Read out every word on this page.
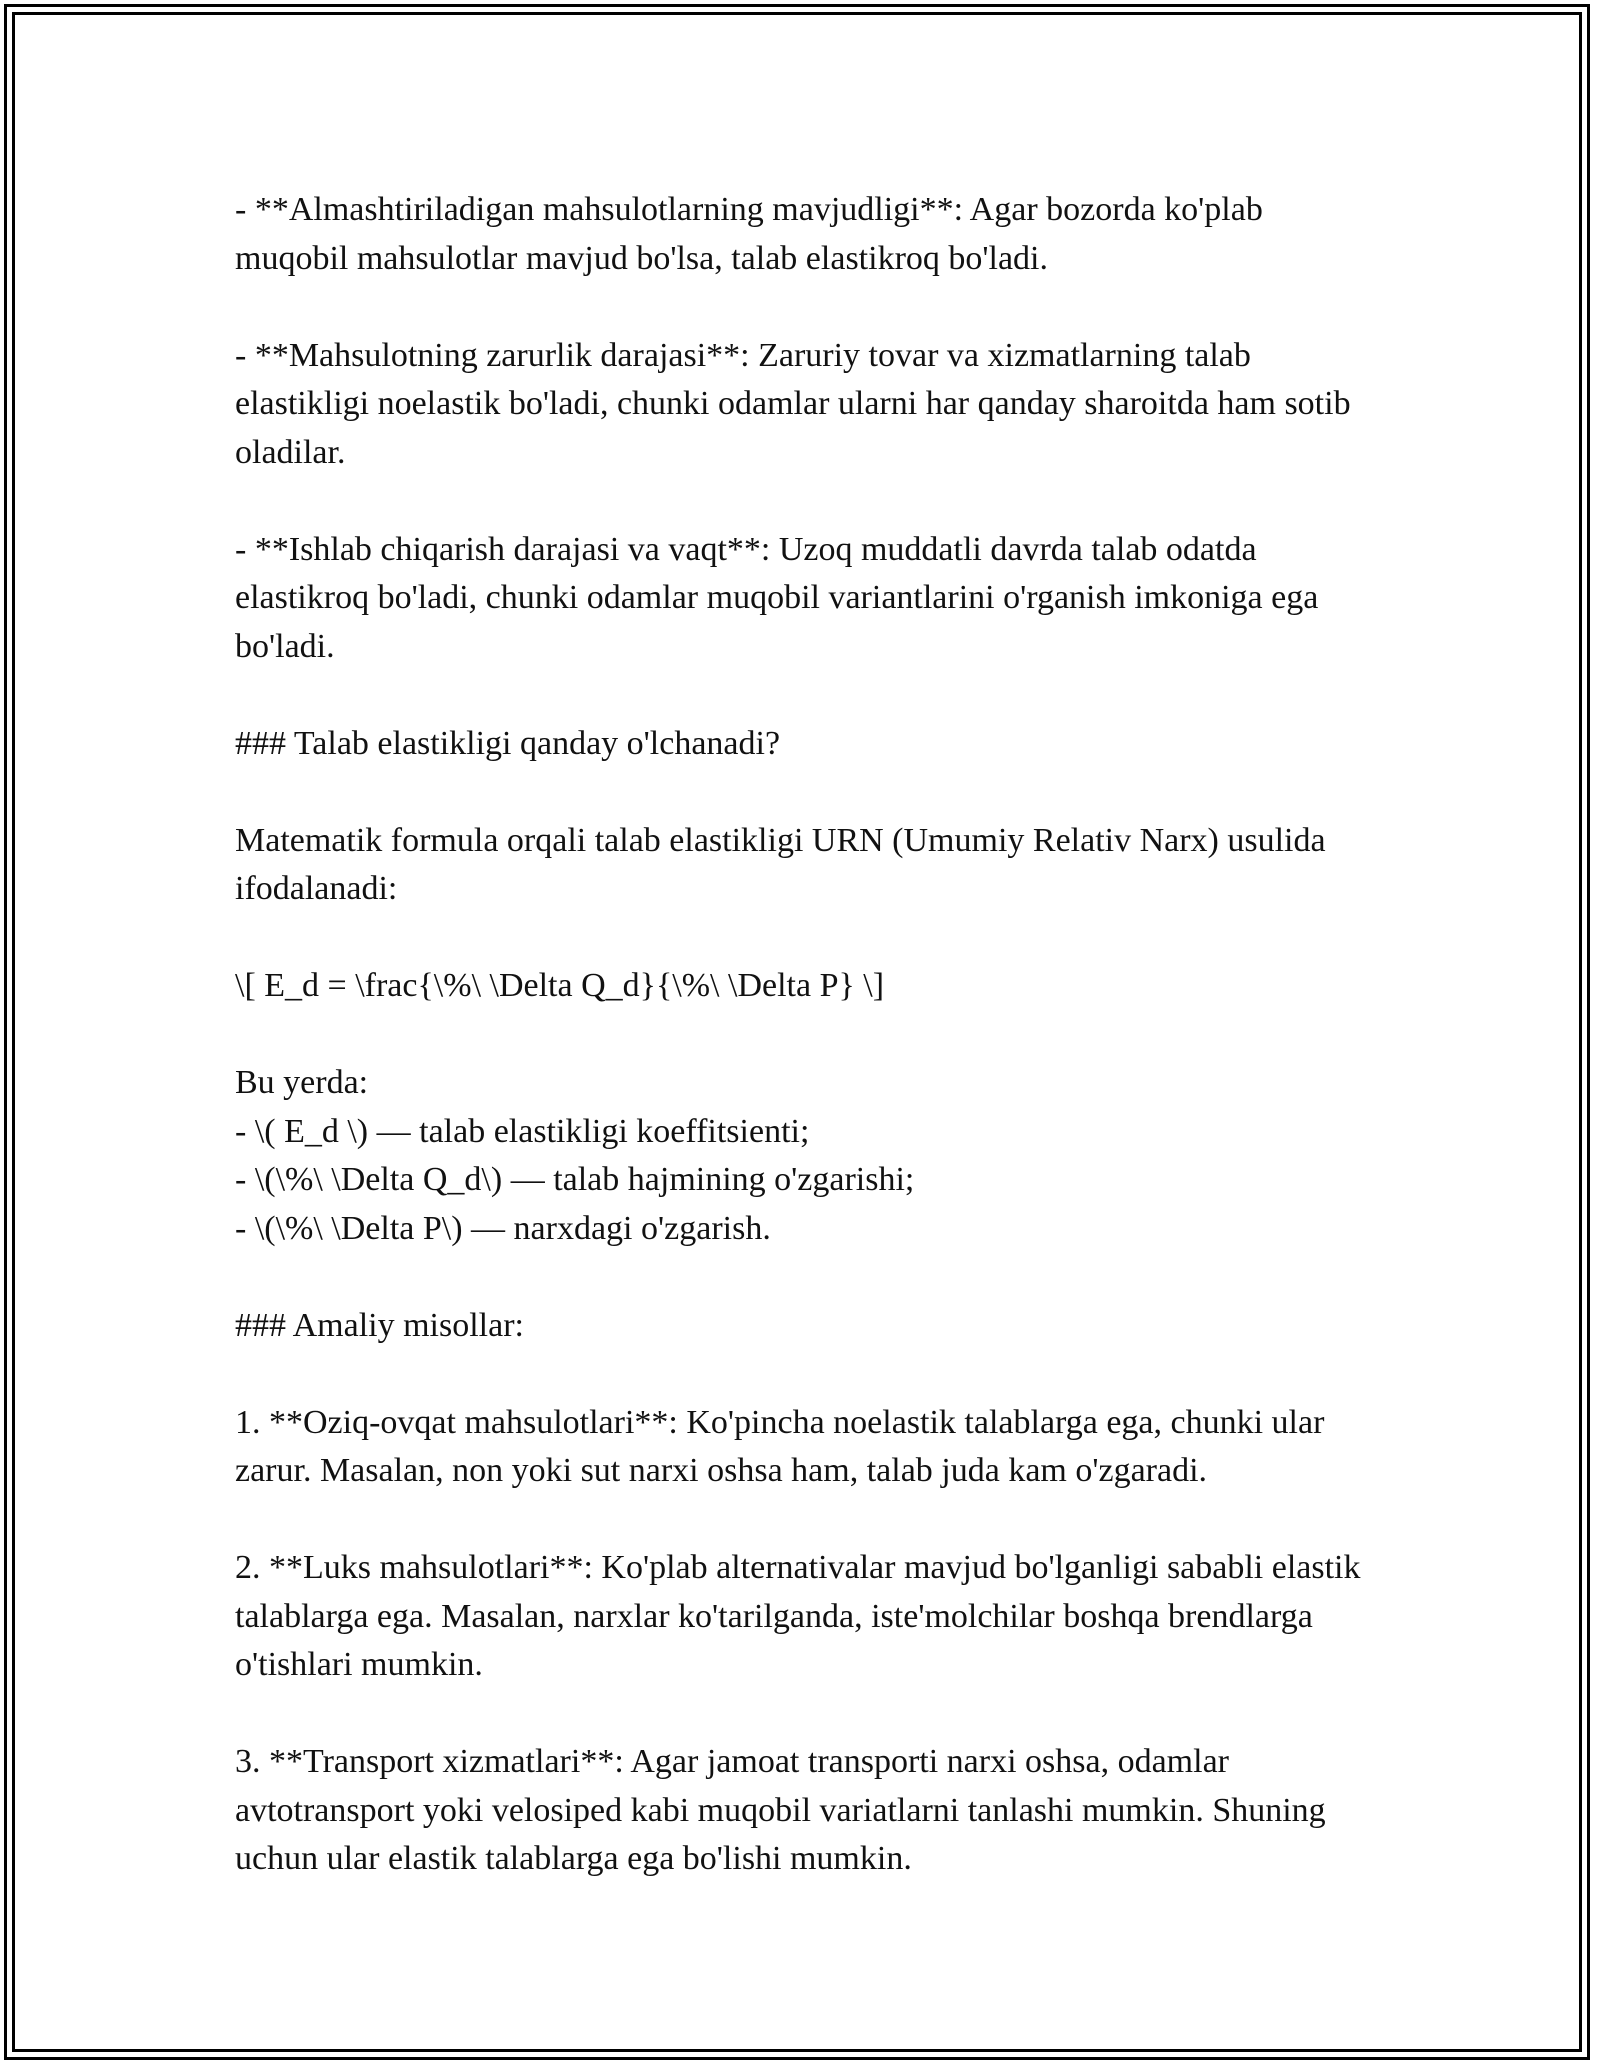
- **Almashtiriladigan mahsulotlarning mavjudligi**: Agar bozorda ko'plab muqobil mahsulotlar mavjud bo'lsa, talab elastikroq bo'ladi.

- **Mahsulotning zarurlik darajasi**: Zaruriy tovar va xizmatlarning talab elastikligi noelastik bo'ladi, chunki odamlar ularni har qanday sharoitda ham sotib oladilar.

- **Ishlab chiqarish darajasi va vaqt**: Uzoq muddatli davrda talab odatda elastikroq bo'ladi, chunki odamlar muqobil variantlarini o'rganish imkoniga ega bo'ladi.

### Talab elastikligi qanday o'lchanadi?

Matematik formula orqali talab elastikligi URN (Umumiy Relativ Narx) usulida ifodalanadi:

\[ E_d = \frac{\%\ \Delta Q_d}{\%\ \Delta P} \]

Bu yerda:
- \( E_d \) — talab elastikligi koeffitsienti;
- \(\%\ \Delta Q_d\) — talab hajmining o'zgarishi;
- \(\%\ \Delta P\) — narxdagi o'zgarish.

### Amaliy misollar:

1. **Oziq-ovqat mahsulotlari**: Ko'pincha noelastik talablarga ega, chunki ular zarur. Masalan, non yoki sut narxi oshsa ham, talab juda kam o'zgaradi.

2. **Luks mahsulotlari**: Ko'plab alternativalar mavjud bo'lganligi sababli elastik talablarga ega. Masalan, narxlar ko'tarilganda, iste'molchilar boshqa brendlarga o'tishlari mumkin.

3. **Transport xizmatlari**: Agar jamoat transporti narxi oshsa, odamlar avtotransport yoki velosiped kabi muqobil variatlarni tanlashi mumkin. Shuning uchun ular elastik talablarga ega bo'lishi mumkin.
